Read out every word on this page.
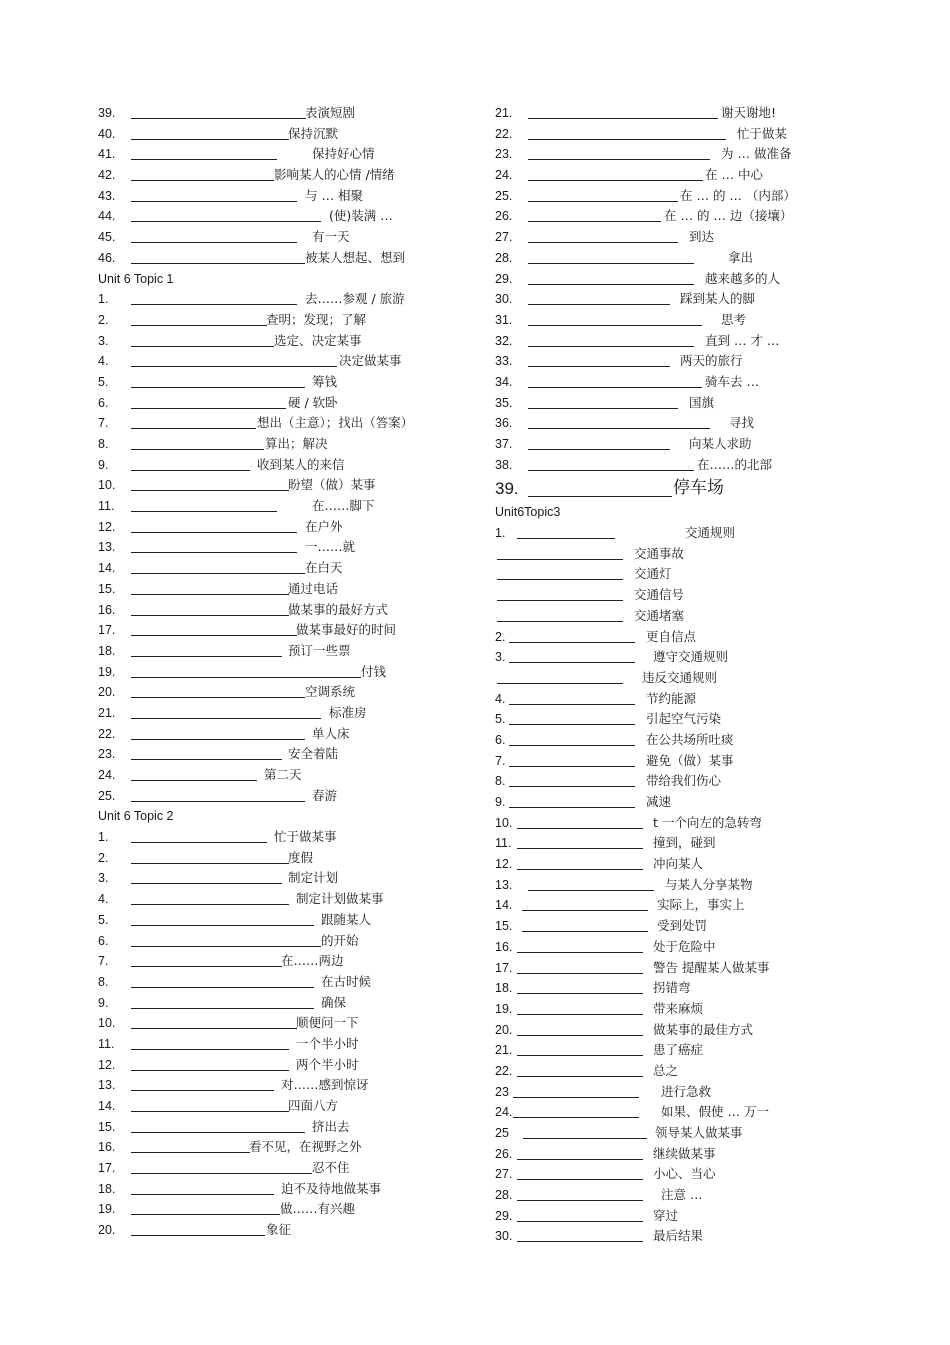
39.	表演短剧
40.	保持沉默
41.	保持好心情
42.	影响某人的心情 /情绪
43.	与 … 相聚
44.	(使)装满 …
45.	有一天
46.	被某人想起、想到
Unit 6 Topic 1
1.	去……参观 / 旅游
2.	查明；发现；了解
3.	选定、决定某事
4.	决定做某事
5.	筹钱
6.	硬 / 软卧
7.	想出（主意）；找出（答案）
8.	算出；解决
9.	收到某人的来信
10.	盼望（做）某事
11.	在……脚下
12.	在户外
13.	一……就
14.	在白天
15.	通过电话
16.	做某事的最好方式
17.	做某事最好的时间
18.	预订一些票
19.	付钱
20.	空调系统
21.	标准房
22.	单人床
23.	安全着陆
24.	第二天
25.	春游
Unit 6 Topic 2
1.	忙于做某事
2.	度假
3.	制定计划
4.	制定计划做某事
5.	跟随某人
6.	的开始
7.	在……两边
8.	在古时候
9.	确保
10.	顺便问一下
11.	一个半小时
12.	两个半小时
13.	对……感到惊讶
14.	四面八方
15.	挤出去
16.	看不见，在视野之外
17.	忍不住
18.	迫不及待地做某事
19.	做……有兴趣
20.	象征
21.	谢天谢地!
22.	忙于做某
23.	为 … 做准备
24.	在 … 中心
25.	在 … 的 … （内部）
26.	在 … 的 … 边（接壤）
27.	到达
28.	拿出
29.	越来越多的人
30.	踩到某人的脚
31.	思考
32.	直到 … 才 …
33.	两天的旅行
34.	骑车去 …
35.	国旗
36.	寻找
37.	向某人求助
38.	在……的北部
39.	停车场
Unit6Topic3
1.	交通规则
交通事故
交通灯
交通信号
交通堵塞
2.	更自信点
3.	遵守交通规则
违反交通规则
4.	节约能源
5.	引起空气污染
6.	在公共场所吐痰
7.	避免（做）某事
8.	带给我们伤心
9.	减速
10.	t 一个向左的急转弯
11.	撞到，碰到
12.	冲向某人
13.	与某人分享某物
14.	实际上，事实上
15.	受到处罚
16.	处于危险中
17.	警告 提醒某人做某事
18.	拐错弯
19.	带来麻烦
20.	做某事的最佳方式
21.	患了癌症
22.	总之
23	进行急救
24.	如果、假使 … 万一
25	领导某人做某事
26.	继续做某事
27.	小心、当心
28.	注意 …
29.	穿过
30.	最后结果
